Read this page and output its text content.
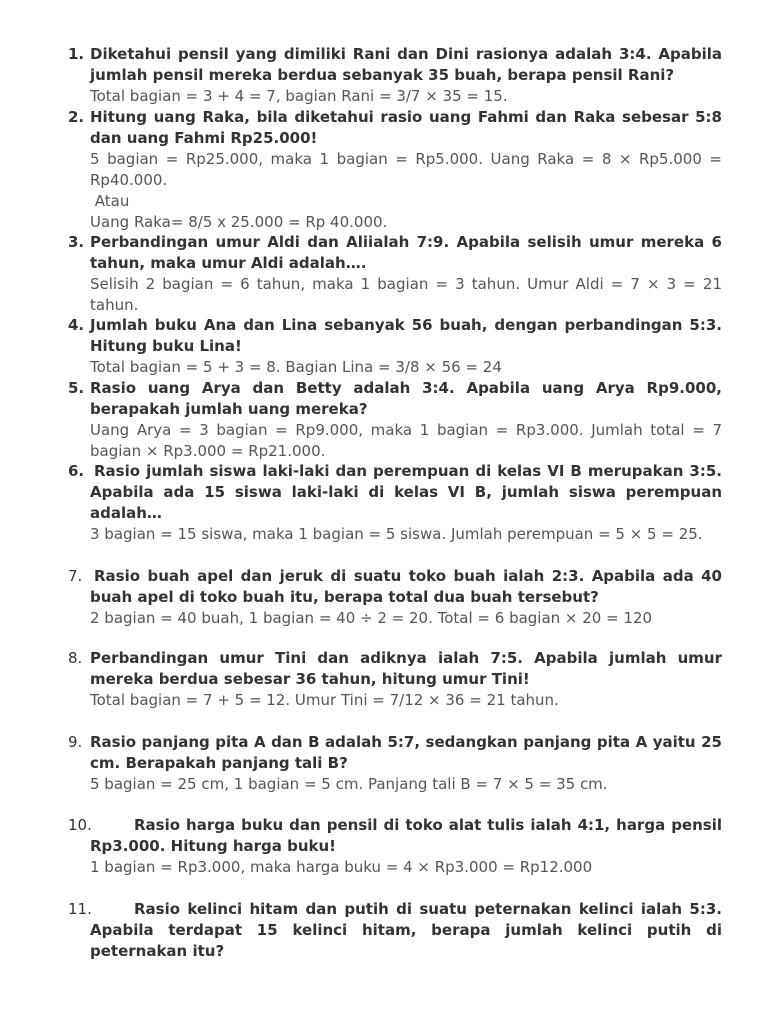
1. Diketahui pensil yang dimiliki Rani dan Dini rasionya adalah 3:4. Apabila jumlah pensil mereka berdua sebanyak 35 buah, berapa pensil Rani?
Total bagian = 3 + 4 = 7, bagian Rani = 3/7 × 35 = 15.
2. Hitung uang Raka, bila diketahui rasio uang Fahmi dan Raka sebesar 5:8 dan uang Fahmi Rp25.000!
5 bagian = Rp25.000, maka 1 bagian = Rp5.000. Uang Raka = 8 × Rp5.000 = Rp40.000.
Atau
Uang Raka= 8/5 x 25.000 = Rp 40.000.
3. Perbandingan umur Aldi dan Aliialah 7:9. Apabila selisih umur mereka 6 tahun, maka umur Aldi adalah….
Selisih 2 bagian = 6 tahun, maka 1 bagian = 3 tahun. Umur Aldi = 7 × 3 = 21 tahun.
4. Jumlah buku Ana dan Lina sebanyak 56 buah, dengan perbandingan 5:3. Hitung buku Lina!
Total bagian = 5 + 3 = 8. Bagian Lina = 3/8 × 56 = 24
5. Rasio uang Arya dan Betty adalah 3:4. Apabila uang Arya Rp9.000, berapakah jumlah uang mereka?
Uang Arya = 3 bagian = Rp9.000, maka 1 bagian = Rp3.000. Jumlah total = 7 bagian × Rp3.000 = Rp21.000.
6. Rasio jumlah siswa laki-laki dan perempuan di kelas VI B merupakan 3:5. Apabila ada 15 siswa laki-laki di kelas VI B, jumlah siswa perempuan adalah…
3 bagian = 15 siswa, maka 1 bagian = 5 siswa. Jumlah perempuan = 5 × 5 = 25.
7. Rasio buah apel dan jeruk di suatu toko buah ialah 2:3. Apabila ada 40 buah apel di toko buah itu, berapa total dua buah tersebut?
2 bagian = 40 buah, 1 bagian = 40 ÷ 2 = 20. Total = 6 bagian × 20 = 120
8. Perbandingan umur Tini dan adiknya ialah 7:5. Apabila jumlah umur mereka berdua sebesar 36 tahun, hitung umur Tini!
Total bagian = 7 + 5 = 12. Umur Tini = 7/12 × 36 = 21 tahun.
9. Rasio panjang pita A dan B adalah 5:7, sedangkan panjang pita A yaitu 25 cm. Berapakah panjang tali B?
5 bagian = 25 cm, 1 bagian = 5 cm. Panjang tali B = 7 × 5 = 35 cm.
10.	Rasio harga buku dan pensil di toko alat tulis ialah 4:1, harga pensil Rp3.000. Hitung harga buku!
1 bagian = Rp3.000, maka harga buku = 4 × Rp3.000 = Rp12.000
11.	Rasio kelinci hitam dan putih di suatu peternakan kelinci ialah 5:3. Apabila terdapat 15 kelinci hitam, berapa jumlah kelinci putih di peternakan itu?
